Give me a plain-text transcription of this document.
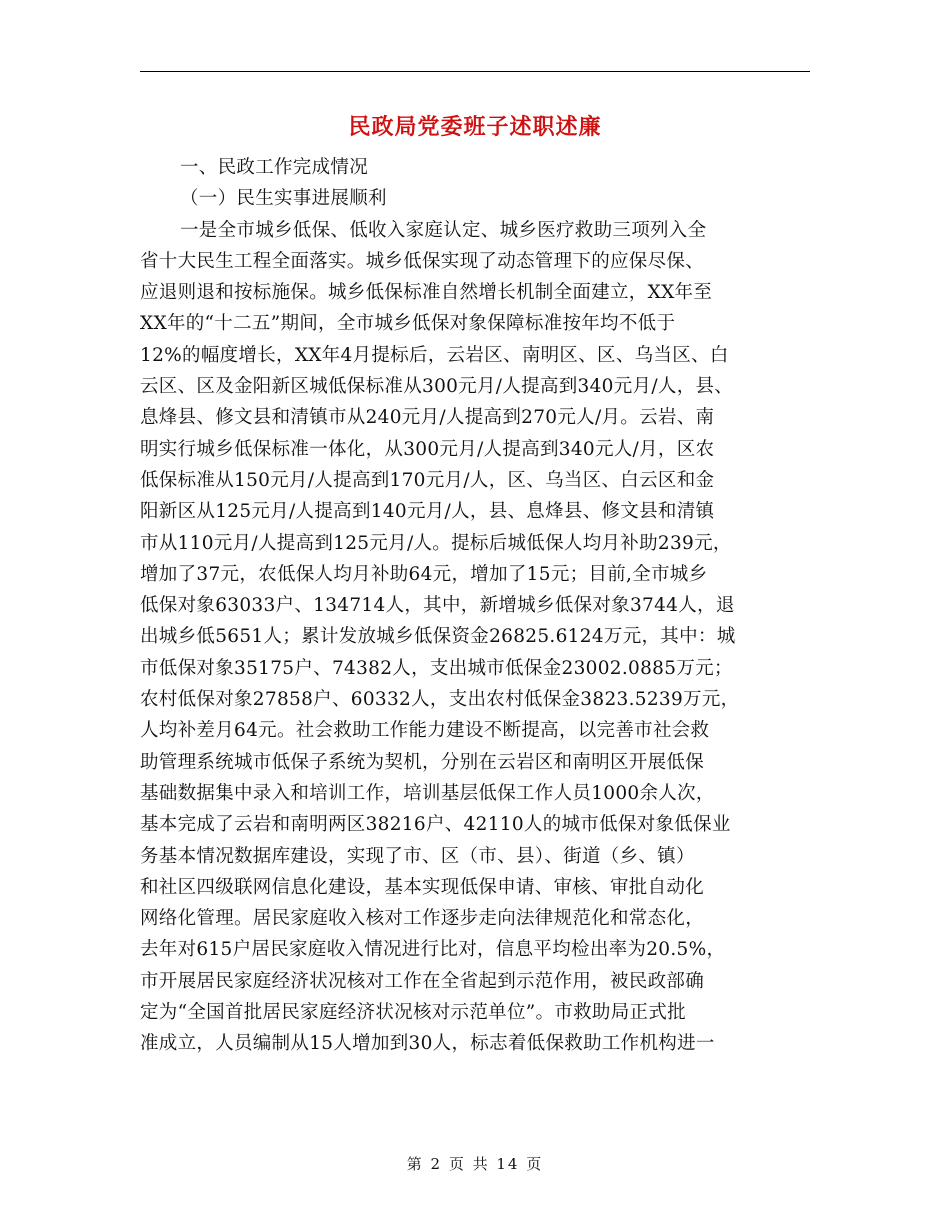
民政局党委班子述职述廉
一、民政工作完成情况
（一）民生实事进展顺利
一是全市城乡低保、低收入家庭认定、城乡医疗救助三项列入全
省十大民生工程全面落实。城乡低保实现了动态管理下的应保尽保、
应退则退和按标施保。城乡低保标准自然增长机制全面建立，XX年至
XX年的“十二五”期间，全市城乡低保对象保障标准按年均不低于
12%的幅度增长，XX年4月提标后，云岩区、南明区、区、乌当区、白
云区、区及金阳新区城低保标准从300元月/人提高到340元月/人，县、
息烽县、修文县和清镇市从240元月/人提高到270元人/月。云岩、南
明实行城乡低保标准一体化，从300元月/人提高到340元人/月，区农
低保标准从150元月/人提高到170元月/人，区、乌当区、白云区和金
阳新区从125元月/人提高到140元月/人，县、息烽县、修文县和清镇
市从110元月/人提高到125元月/人。提标后城低保人均月补助239元，
增加了37元，农低保人均月补助64元，增加了15元；目前,全市城乡
低保对象63033户、134714人，其中，新增城乡低保对象3744人，退
出城乡低5651人；累计发放城乡低保资金26825.6124万元，其中：城
市低保对象35175户、74382人，支出城市低保金23002.0885万元；
农村低保对象27858户、60332人，支出农村低保金3823.5239万元，
人均补差月64元。社会救助工作能力建设不断提高，以完善市社会救
助管理系统城市低保子系统为契机，分别在云岩区和南明区开展低保
基础数据集中录入和培训工作，培训基层低保工作人员1000余人次，
基本完成了云岩和南明两区38216户、42110人的城市低保对象低保业
务基本情况数据库建设，实现了市、区（市、县）、街道（乡、镇）
和社区四级联网信息化建设，基本实现低保申请、审核、审批自动化
网络化管理。居民家庭收入核对工作逐步走向法律规范化和常态化，
去年对615户居民家庭收入情况进行比对，信息平均检出率为20.5%，
市开展居民家庭经济状况核对工作在全省起到示范作用，被民政部确
定为“全国首批居民家庭经济状况核对示范单位”。市救助局正式批
准成立，人员编制从15人增加到30人，标志着低保救助工作机构进一
第 2 页 共 14 页
